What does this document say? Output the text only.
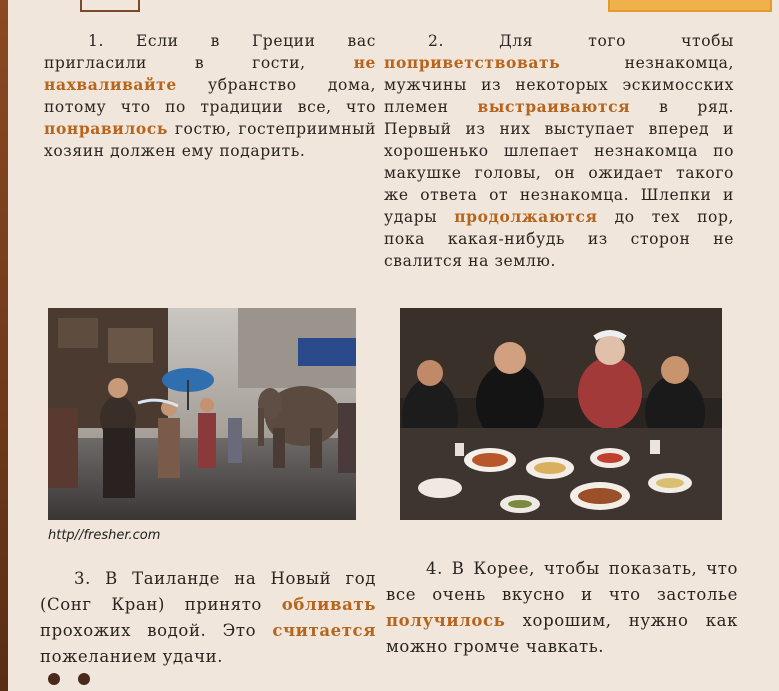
1. Если в Греции вас пригласили в гости, не нахваливайте убранство дома, потому что по традиции все, что понравилось гостю, гостеприимный хозяин должен ему подарить.

2. Для того чтобы поприветствовать незнакомца, мужчины из некоторых эскимосских племен выстраиваются в ряд. Первый из них выступает вперед и хорошенько шлепает незнакомца по макушке головы, он ожидает такого же ответа от незнакомца. Шлепки и удары продолжаются до тех пор, пока какая-нибудь из сторон не свалится на землю.

http//fresher.com

3. В Таиланде на Новый год (Сонг Кран) принято обливать прохожих водой. Это считается пожеланием удачи.

4. В Корее, чтобы показать, что все очень вкусно и что застолье получилось хорошим, нужно как можно громче чавкать.
